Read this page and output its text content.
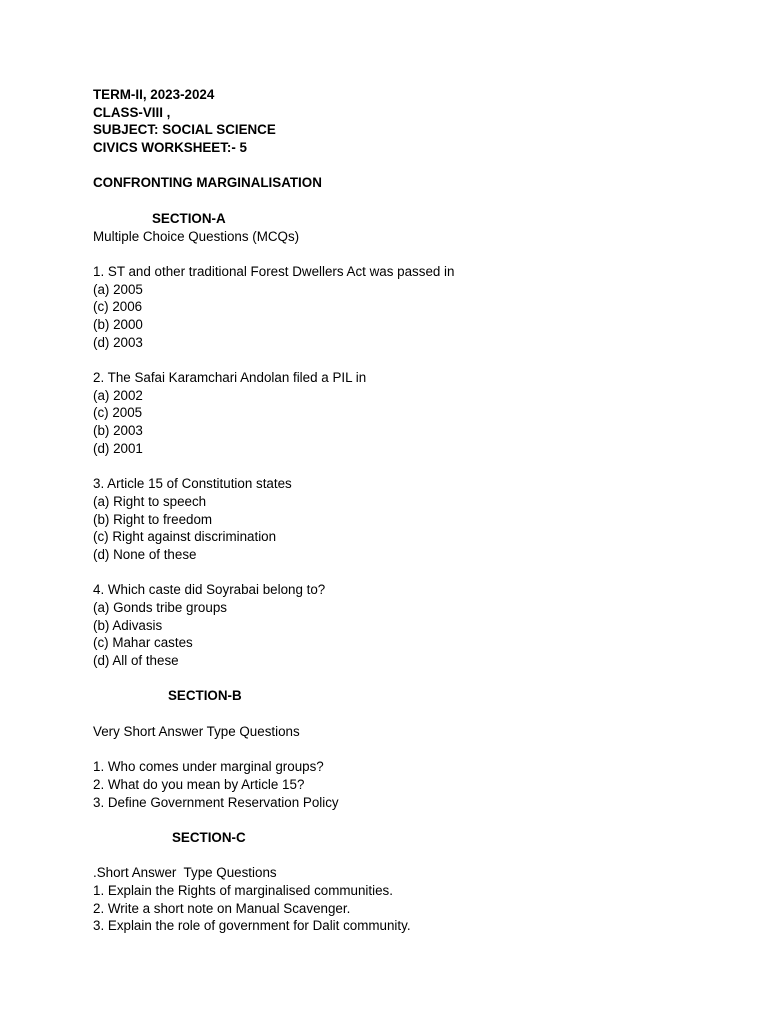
TERM-II, 2023-2024
CLASS-VIII ,
SUBJECT: SOCIAL SCIENCE
CIVICS WORKSHEET:- 5
CONFRONTING MARGINALISATION
SECTION-A
Multiple Choice Questions (MCQs)
1. ST and other traditional Forest Dwellers Act was passed in
(a) 2005
(c) 2006
(b) 2000
(d) 2003
2. The Safai Karamchari Andolan filed a PIL in
(a) 2002
(c) 2005
(b) 2003
(d) 2001
3. Article 15 of Constitution states
(a) Right to speech
(b) Right to freedom
(c) Right against discrimination
(d) None of these
4. Which caste did Soyrabai belong to?
(a) Gonds tribe groups
(b) Adivasis
(c) Mahar castes
(d) All of these
SECTION-B
Very Short Answer Type Questions
1. Who comes under marginal groups?
2. What do you mean by Article 15?
3. Define Government Reservation Policy
SECTION-C
.Short Answer  Type Questions
1. Explain the Rights of marginalised communities.
2. Write a short note on Manual Scavenger.
3. Explain the role of government for Dalit community.
